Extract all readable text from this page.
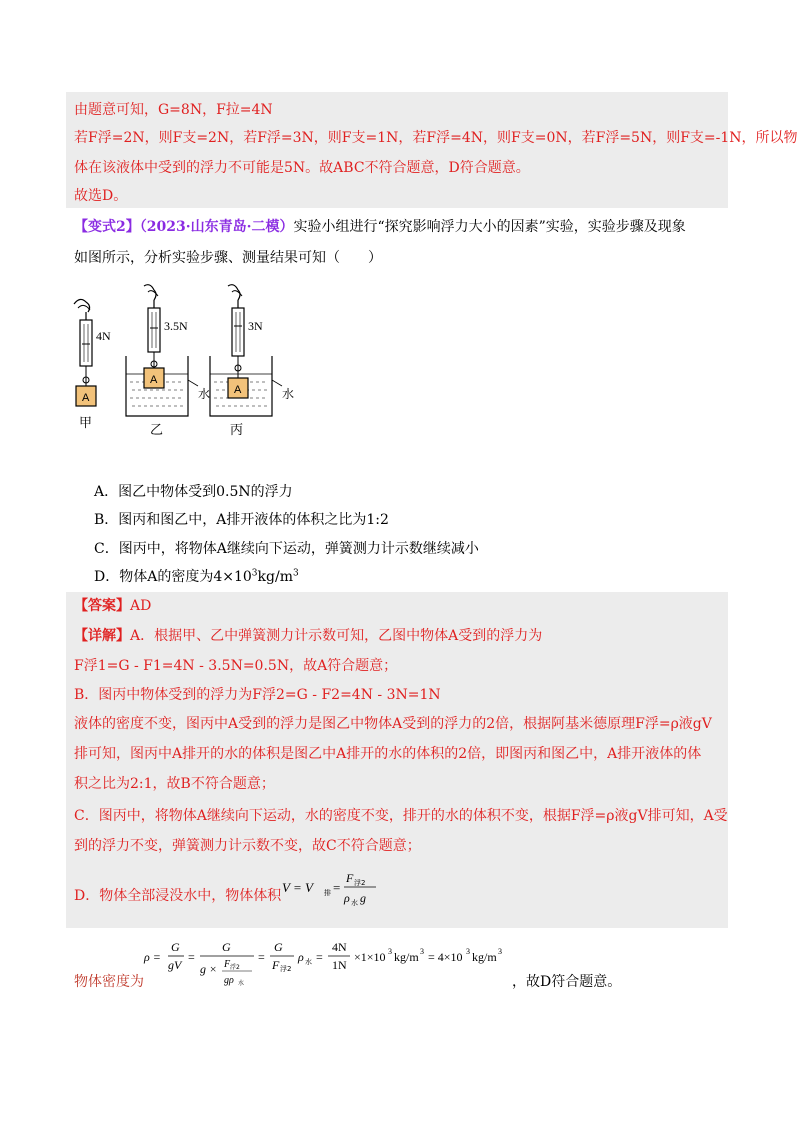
由题意可知，G=8N，F拉=4N
若F浮=2N，则F支=2N，若F浮=3N，则F支=1N，若F浮=4N，则F支=0N，若F浮=5N，则F支=-1N，所以物
体在该液体中受到的浮力不可能是5N。故ABC不符合题意，D符合题意。
故选D。
【变式2】（2023·山东青岛·二模）实验小组进行“探究影响浮力大小的因素”实验，实验步骤及现象
如图所示，分析实验步骤、测量结果可知（　　）
4N
A
甲
3.5N
A
水
乙
3N
A	水
丙
A．图乙中物体受到0.5N的浮力
B．图丙和图乙中，A排开液体的体积之比为1:2
C．图丙中，将物体A继续向下运动，弹簧测力计示数继续减小
D．物体A的密度为$4\times 10^3kg/m^3$
【答案】AD
【详解】A．根据甲、乙中弹簧测力计示数可知，乙图中物体A受到的浮力为
F浮1=G - F1=4N - 3.5N=0.5N，故A符合题意；
B．图丙中物体受到的浮力为F浮2=G - F2=4N - 3N=1N
液体的密度不变，图丙中A受到的浮力是图乙中物体A受到的浮力的2倍，根据阿基米德原理F浮=ρ液gV
排可知，图丙中A排开的水的体积是图乙中A排开的水的体积的2倍，即图丙和图乙中，A排开液体的体
积之比为2:1，故B不符合题意；
C．图丙中，将物体A继续向下运动，水的密度不变，排开的水的体积不变，根据F浮=ρ液gV排可知，A受
到的浮力不变，弹簧测力计示数不变，故C不符合题意；
D．物体全部浸没水中，物体体积
V = V 排 =
F 浮2
ρ 水 g
物体密度为
ρ =
G
gV
=
G
g × F 浮2
gρ 水
=
G
F 浮2
ρ 水 =
4N
1N
×1×10 3 kg/m 3 = 4×10 3 kg/m 3
，故D符合题意。
